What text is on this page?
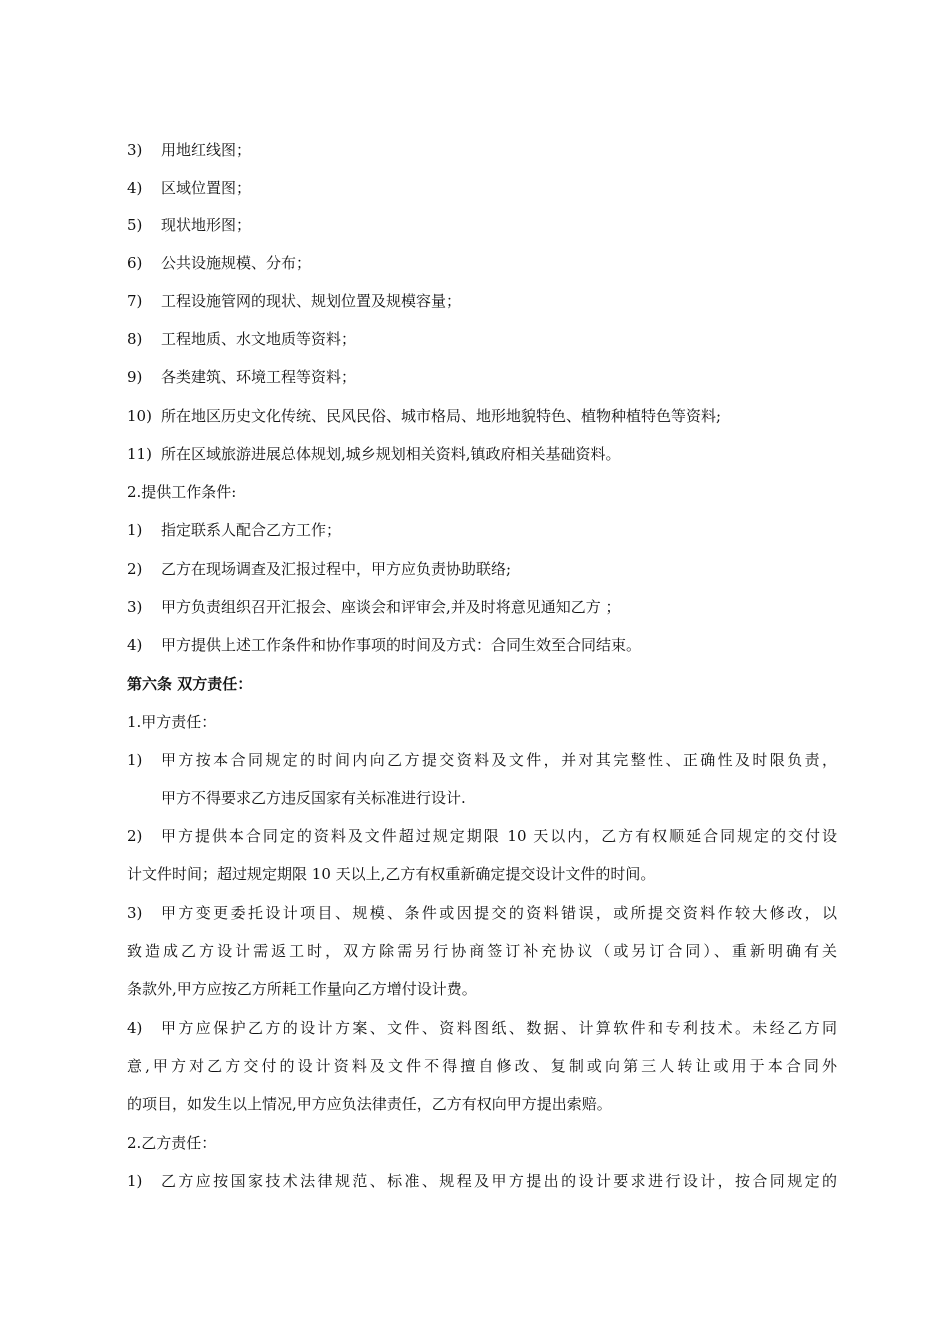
3) 用地红线图；
4) 区域位置图；
5) 现状地形图；
6) 公共设施规模、分布；
7) 工程设施管网的现状、规划位置及规模容量；
8) 工程地质、水文地质等资料；
9) 各类建筑、环境工程等资料；
10) 所在地区历史文化传统、民风民俗、城市格局、地形地貌特色、植物种植特色等资料;
11) 所在区域旅游进展总体规划,城乡规划相关资料,镇政府相关基础资料。
2.提供工作条件:
1) 指定联系人配合乙方工作；
2) 乙方在现场调查及汇报过程中，甲方应负责协助联络;
3) 甲方负责组织召开汇报会、座谈会和评审会,并及时将意见通知乙方 ；
4) 甲方提供上述工作条件和协作事项的时间及方式：合同生效至合同结束。
第六条 双方责任：
1.甲方责任：
1) 甲方按本合同规定的时间内向乙方提交资料及文件，并对其完整性、正确性及时限负责，
甲方不得要求乙方违反国家有关标准进行设计.
2) 甲方提供本合同定的资料及文件超过规定期限 10 天以内，乙方有权顺延合同规定的交付设
计文件时间；超过规定期限 10 天以上,乙方有权重新确定提交设计文件的时间。
3) 甲方变更委托设计项目、规模、条件或因提交的资料错误，或所提交资料作较大修改，以
致造成乙方设计需返工时，双方除需另行协商签订补充协议（或另订合同）、重新明确有关
条款外,甲方应按乙方所耗工作量向乙方增付设计费。
4) 甲方应保护乙方的设计方案、文件、资料图纸、数据、计算软件和专利技术。未经乙方同
意,甲方对乙方交付的设计资料及文件不得擅自修改、复制或向第三人转让或用于本合同外
的项目，如发生以上情况,甲方应负法律责任，乙方有权向甲方提出索赔。
2.乙方责任：
1) 乙方应按国家技术法律规范、标准、规程及甲方提出的设计要求进行设计，按合同规定的
